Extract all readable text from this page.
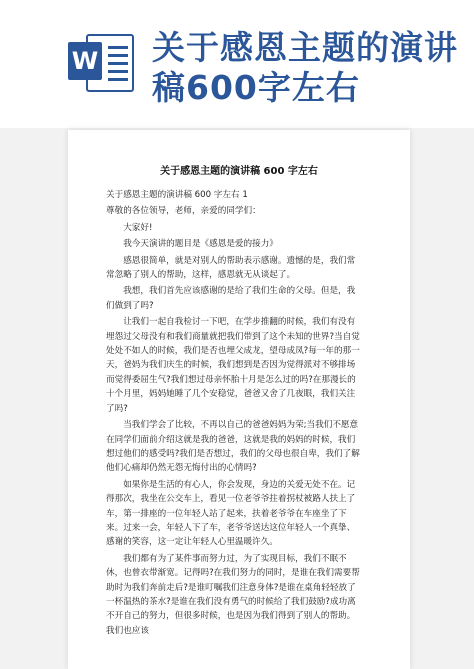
W 关于感恩主题的演讲稿600字左右
关于感恩主题的演讲稿 600 字左右

关于感恩主题的演讲稿 600 字左右 1

尊敬的各位领导，老师，亲爱的同学们：

大家好!

我今天演讲的题目是《感恩是爱的接力》

感恩很简单，就是对别人的帮助表示感谢。遗憾的是，我们常常忽略了别人的帮助，这样，感恩就无从谈起了。

我想，我们首先应该感谢的是给了我们生命的父母。但是，我们做到了吗?

让我们一起自我检讨一下吧，在学步推翻的时候，我们有没有埋怨过父母没有和我们商量就把我们带到了这个未知的世界?当自觉处处不如人的时候，我们是否也埋父成龙，望母成凤?每一年的那一天，爸妈为我们庆生的时候，我们想到是否因为觉得派对不够排场而觉得委屈生气?我们想过母亲怀胎十月是怎么过的吗?在那漫长的十个月里，妈妈她睡了几个安稳觉，爸爸又舍了几夜眼，我们关注了吗?

当我们学会了比较，不再以自己的爸爸妈妈为荣;当我们不愿意在同学们面前介绍这就是我的爸爸，这就是我的妈妈的时候，我们想过他们的感受吗?我们是否想过，我们的父母也很自卑，我们了解他们心痛却仍然无怨无悔付出的心情吗?

如果你是生活的有心人，你会发现，身边的关爱无处不在。记得那次，我坐在公交车上，看见一位老爷爷拄着拐杖被路人扶上了车，第一排座的一位年轻人站了起来，扶着老爷爷在车座坐了下来。过来一会，年轻人下了车，老爷爷送达这位年轻人一个真挚、感谢的笑容，这一定让年轻人心里温暖许久。

我们都有为了某件事而努力过，为了实现目标，我们不眠不休，也曾衣带渐宽。记得吗?在我们努力的同时，是谁在我们需要帮助时为我们奔前走后?是谁叮嘱我们注意身体?是谁在桌角轻轻放了一杯温热的茶水?是谁在我们没有勇气的时候给了我们鼓励?成功离不开自己的努力，但很多时候，也是因为我们得到了别人的帮助。我们也应该
